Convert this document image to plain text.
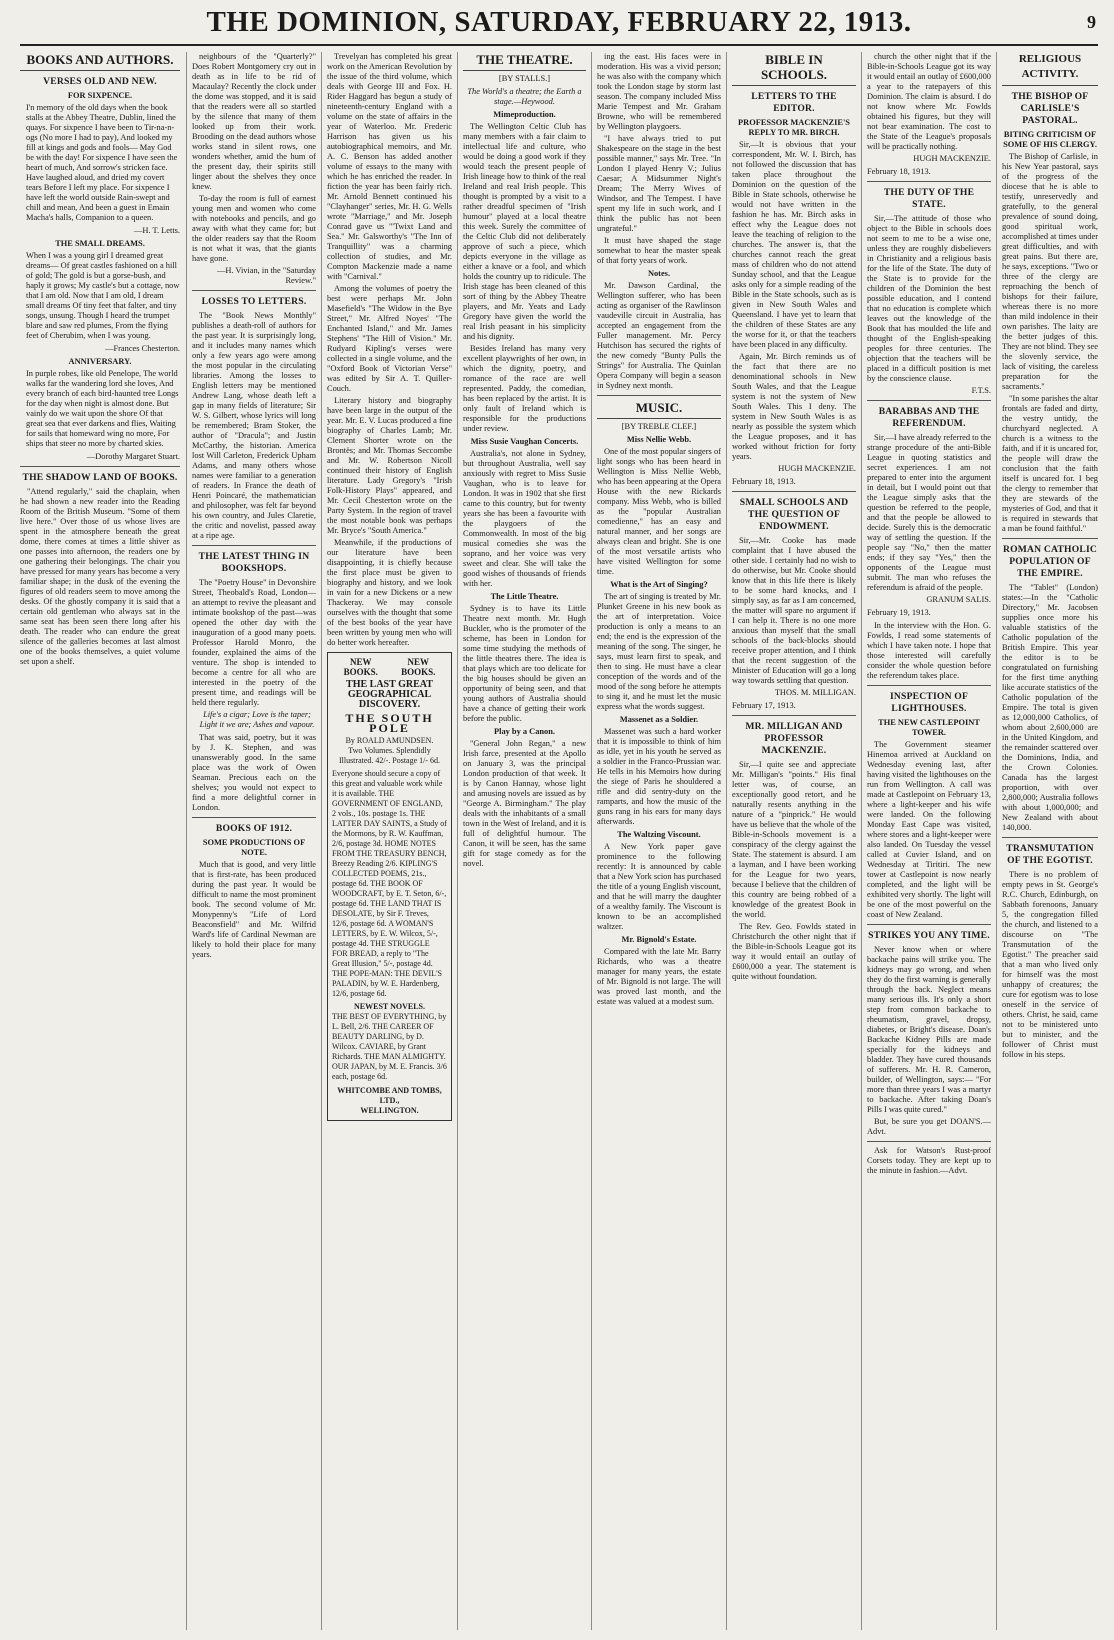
THE DOMINION, SATURDAY, FEBRUARY 22, 1913.	9
BOOKS AND AUTHORS.
VERSES OLD AND NEW.
FOR SIXPENCE.
I'n memory of the old days when the book stalls at the Abbey Theatre, Dublin, lined the quays. For sixpence I have been to Tir-na-n-ogs (No more I had to pay), And looked my fill at kings and gods and fools— May God be with the day! For sixpence I have seen the heart of much, And sorrow's stricken face. Have laughed aloud, and dried my covert tears Before I left my place. For sixpence I have left the world outside Rain-swept and chill and mean, And been a guest in Emain Macha's halls, Companion to a queen.
—H. T. Letts.
THE SMALL DREAMS.
When I was a young girl I dreamed great dreams— Of great castles fashioned on a hill of gold; The gold is but a gorse-bush, and haply it grows; My castle's but a cottage, now that I am old. Now that I am old, I dream small dreams Of tiny feet that falter, and tiny songs, unsung. Though I heard the trumpet blare and saw red plumes, From the flying feet of Cherubim, when I was young.
—Frances Chesterton.
ANNIVERSARY.
In purple robes, like old Penelope, The world walks far the wandering lord she loves, And every branch of each bird-haunted tree Longs for the day when night is almost done. But vainly do we wait upon the shore Of that great sea that ever darkens and flies, Waiting for sails that homeward wing no more, For ships that steer no more by charted skies.
—Dorothy Margaret Stuart.
THE SHADOW LAND OF BOOKS.

"Attend regularly," said the chaplain, when he had shown a new reader into the Reading Room of the British Museum. "Some of them live here." Over those of us whose lives are spent in the atmosphere beneath the great dome, there comes at times a little shiver as one passes into afternoon, the readers one by one gathering their belongings. The chair you have pressed for many years has become a very familiar shape; in the dusk of the evening the figures of old readers seem to move among the desks. Of the ghostly company it is said that a certain old gentleman who always sat in the same seat has been seen there long after his death. The reader who can endure the great silence of the galleries becomes at last almost one of the books themselves, a quiet volume set upon a shelf.

neighbours of the "Quarterly?" Does Robert Montgomery cry out in death as in life to be rid of Macaulay? Recently the clock under the dome was stopped, and it is said that the readers were all so startled by the silence that many of them looked up from their work. Brooding on the dead authors whose works stand in silent rows, one wonders whether, amid the hum of the present day, their spirits still linger about the shelves they once knew.

To-day the room is full of earnest young men and women who come with notebooks and pencils, and go away with what they came for; but the older readers say that the Room is not what it was, that the giants have gone.

—H. Vivian, in the "Saturday Review."
LOSSES TO LETTERS.

The "Book News Monthly" publishes a death-roll of authors for the past year. It is surprisingly long, and it includes many names which only a few years ago were among the most popular in the circulating libraries. Among the losses to English letters may be mentioned Andrew Lang, whose death left a gap in many fields of literature; Sir W. S. Gilbert, whose lyrics will long be remembered; Bram Stoker, the author of "Dracula"; and Justin McCarthy, the historian. America lost Will Carleton, Frederick Upham Adams, and many others whose names were familiar to a generation of readers. In France the death of Henri Poincaré, the mathematician and philosopher, was felt far beyond his own country, and Jules Claretie, the critic and novelist, passed away at a ripe age.

THE LATEST THING IN BOOKSHOPS.

The "Poetry House" in Devonshire Street, Theobald's Road, London—an attempt to revive the pleasant and intimate bookshop of the past—was opened the other day with the inauguration of a good many poets. Professor Harold Monro, the founder, explained the aims of the venture. The shop is intended to become a centre for all who are interested in the poetry of the present time, and readings will be held there regularly.

Life's a cigar; Love is the taper; Light it we are; Ashes and vapour.

That was said, poetry, but it was by J. K. Stephen, and was unanswerably good. In the same place was the work of Owen Seaman. Precious each on the shelves; you would not expect to find a more delightful corner in London.

BOOKS OF 1912.
SOME PRODUCTIONS OF NOTE.

Much that is good, and very little that is first-rate, has been produced during the past year. It would be difficult to name the most prominent book. The second volume of Mr. Monypenny's "Life of Lord Beaconsfield" and Mr. Wilfrid Ward's life of Cardinal Newman are likely to hold their place for many years.

Trevelyan has completed his great work on the American Revolution by the issue of the third volume, which deals with George III and Fox. H. Rider Haggard has begun a study of nineteenth-century England with a volume on the state of affairs in the year of Waterloo. Mr. Frederic Harrison has given us his autobiographical memoirs, and Mr. A. C. Benson has added another volume of essays to the many with which he has enriched the reader. In fiction the year has been fairly rich. Mr. Arnold Bennett continued his "Clayhanger" series, Mr. H. G. Wells wrote "Marriage," and Mr. Joseph Conrad gave us "'Twixt Land and Sea." Mr. Galsworthy's "The Inn of Tranquillity" was a charming collection of studies, and Mr. Compton Mackenzie made a name with "Carnival."

Among the volumes of poetry the best were perhaps Mr. John Masefield's "The Widow in the Bye Street," Mr. Alfred Noyes' "The Enchanted Island," and Mr. James Stephens' "The Hill of Vision." Mr. Rudyard Kipling's verses were collected in a single volume, and the "Oxford Book of Victorian Verse" was edited by Sir A. T. Quiller-Couch.

Literary history and biography have been large in the output of the year. Mr. E. V. Lucas produced a fine biography of Charles Lamb; Mr. Clement Shorter wrote on the Brontës; and Mr. Thomas Seccombe and Mr. W. Robertson Nicoll continued their history of English literature. Lady Gregory's "Irish Folk-History Plays" appeared, and Mr. Cecil Chesterton wrote on the Party System. In the region of travel the most notable book was perhaps Mr. Bryce's "South America."

Meanwhile, if the productions of our literature have been disappointing, it is chiefly because the first place must be given to biography and history, and we look in vain for a new Dickens or a new Thackeray. We may console ourselves with the thought that some of the best books of the year have been written by young men who will do better work hereafter.

NEW BOOKS.
NEW BOOKS.
THE LAST GREAT GEOGRAPHICAL DISCOVERY.
THE SOUTH POLE
By ROALD AMUNDSEN.
Two Volumes. Splendidly Illustrated. 42/-. Postage 1/- 6d.
Everyone should secure a copy of this great and valuable work while it is available. THE GOVERNMENT OF ENGLAND, 2 vols., 10s. postage 1s. THE LATTER DAY SAINTS, a Study of the Mormons, by R. W. Kauffman, 2/6, postage 3d. HOME NOTES FROM THE TREASURY BENCH, Breezy Reading 2/6. KIPLING'S COLLECTED POEMS, 21s., postage 6d. THE BOOK OF WOODCRAFT, by E. T. Seton, 6/-, postage 6d. THE LAND THAT IS DESOLATE, by Sir F. Treves, 12/6, postage 6d. A WOMAN'S LETTERS, by E. W. Wilcox, 5/-, postage 4d. THE STRUGGLE FOR BREAD, a reply to "The Great Illusion," 5/-, postage 4d. THE POPE-MAN: THE DEVIL'S PALADIN, by W. E. Hardenberg, 12/6, postage 6d.
NEWEST NOVELS.
THE BEST OF EVERYTHING, by L. Bell, 2/6. THE CAREER OF BEAUTY DARLING, by D. Wilcox. CAVIARE, by Grant Richards. THE MAN ALMIGHTY. OUR JAPAN, by M. E. Francis. 3/6 each, postage 6d.
WHITCOMBE AND TOMBS, LTD.,
WELLINGTON.
THE THEATRE.
[BY STALLS.]
The World's a theatre; the Earth a stage.—Heywood.
Mimeproduction.

The Wellington Celtic Club has many members with a fair claim to intellectual life and culture, who would be doing a good work if they would teach the present people of Irish lineage how to think of the real Ireland and real Irish people. This thought is prompted by a visit to a rather dreadful specimen of "Irish humour" played at a local theatre this week. Surely the committee of the Celtic Club did not deliberately approve of such a piece, which depicts everyone in the village as either a knave or a fool, and which holds the country up to ridicule. The Irish stage has been cleaned of this sort of thing by the Abbey Theatre players, and Mr. Yeats and Lady Gregory have given the world the real Irish peasant in his simplicity and his dignity.

Besides Ireland has many very excellent playwrights of her own, in which the dignity, poetry, and romance of the race are well represented. Paddy, the comedian, has been replaced by the artist. It is only fault of Ireland which is responsible for the productions under review.

Miss Susie Vaughan Concerts.

Australia's, not alone in Sydney, but throughout Australia, well say anxiously with regret to Miss Susie Vaughan, who is to leave for London. It was in 1902 that she first came to this country, but for twenty years she has been a favourite with the playgoers of the Commonwealth. In most of the big musical comedies she was the soprano, and her voice was very sweet and clear. She will take the good wishes of thousands of friends with her.

The Little Theatre.

Sydney is to have its Little Theatre next month. Mr. Hugh Buckler, who is the promoter of the scheme, has been in London for some time studying the methods of the little theatres there. The idea is that plays which are too delicate for the big houses should be given an opportunity of being seen, and that young authors of Australia should have a chance of getting their work before the public.

Play by a Canon.

"General John Regan," a new Irish farce, presented at the Apollo on January 3, was the principal London production of that week. It is by Canon Hannay, whose light and amusing novels are issued as by "George A. Birmingham." The play deals with the inhabitants of a small town in the West of Ireland, and it is full of delightful humour. The Canon, it will be seen, has the same gift for stage comedy as for the novel.

ing the east. His faces were in moderation. His was a vivid person; he was also with the company which took the London stage by storm last season. The company included Miss Marie Tempest and Mr. Graham Browne, who will be remembered by Wellington playgoers.

"I have always tried to put Shakespeare on the stage in the best possible manner," says Mr. Tree. "In London I played Henry V.; Julius Caesar; A Midsummer Night's Dream; The Merry Wives of Windsor, and The Tempest. I have spent my life in such work, and I think the public has not been ungrateful."

It must have shaped the stage somewhat to hear the master speak of that forty years of work.

Notes.

Mr. Dawson Cardinal, the Wellington sufferer, who has been acting as organiser of the Rawlinson vaudeville circuit in Australia, has accepted an engagement from the Fuller management. Mr. Percy Hutchison has secured the rights of the new comedy "Bunty Pulls the Strings" for Australia. The Quinlan Opera Company will begin a season in Sydney next month.

MUSIC.
[BY TREBLE CLEF.]
Miss Nellie Webb.

One of the most popular singers of light songs who has been heard in Wellington is Miss Nellie Webb, who has been appearing at the Opera House with the new Rickards company. Miss Webb, who is billed as the "popular Australian comedienne," has an easy and natural manner, and her songs are always clean and bright. She is one of the most versatile artists who have visited Wellington for some time.

What is the Art of Singing?

The art of singing is treated by Mr. Plunket Greene in his new book as the art of interpretation. Voice production is only a means to an end; the end is the expression of the meaning of the song. The singer, he says, must learn first to speak, and then to sing. He must have a clear conception of the words and of the mood of the song before he attempts to sing it, and he must let the music express what the words suggest.

Massenet as a Soldier.

Massenet was such a hard worker that it is impossible to think of him as idle, yet in his youth he served as a soldier in the Franco-Prussian war. He tells in his Memoirs how during the siege of Paris he shouldered a rifle and did sentry-duty on the ramparts, and how the music of the guns rang in his ears for many days afterwards.

The Waltzing Viscount.

A New York paper gave prominence to the following recently: It is announced by cable that a New York scion has purchased the title of a young English viscount, and that he will marry the daughter of a wealthy family. The Viscount is known to be an accomplished waltzer.

Mr. Bignold's Estate.

Compared with the late Mr. Barry Richards, who was a theatre manager for many years, the estate of Mr. Bignold is not large. The will was proved last month, and the estate was valued at a modest sum.

BIBLE IN SCHOOLS.
LETTERS TO THE EDITOR.
PROFESSOR MACKENZIE'S REPLY TO MR. BIRCH.

Sir,—It is obvious that your correspondent, Mr. W. I. Birch, has not followed the discussion that has taken place throughout the Dominion on the question of the Bible in State schools, otherwise he would not have written in the fashion he has. Mr. Birch asks in effect why the League does not leave the teaching of religion to the churches. The answer is, that the churches cannot reach the great mass of children who do not attend Sunday school, and that the League asks only for a simple reading of the Bible in the State schools, such as is given in New South Wales and Queensland. I have yet to learn that the children of these States are any the worse for it, or that the teachers have been placed in any difficulty.

Again, Mr. Birch reminds us of the fact that there are no denominational schools in New South Wales, and that the League system is not the system of New South Wales. This I deny. The system in New South Wales is as nearly as possible the system which the League proposes, and it has worked without friction for forty years.

HUGH MACKENZIE.
February 18, 1913.
SMALL SCHOOLS AND THE QUESTION OF ENDOWMENT.

Sir,—Mr. Cooke has made complaint that I have abused the other side. I certainly had no wish to do otherwise, but Mr. Cooke should know that in this life there is likely to be some hard knocks, and I simply say, as far as I am concerned, the matter will spare no argument if I can help it. There is no one more anxious than myself that the small schools of the back-blocks should receive proper attention, and I think that the recent suggestion of the Minister of Education will go a long way towards settling that question.

THOS. M. MILLIGAN.
February 17, 1913.
MR. MILLIGAN AND PROFESSOR MACKENZIE.

Sir,—I quite see and appreciate Mr. Milligan's "points." His final letter was, of course, an exceptionally good retort, and he naturally resents anything in the nature of a "pinprick." He would have us believe that the whole of the Bible-in-Schools movement is a conspiracy of the clergy against the State. The statement is absurd. I am a layman, and I have been working for the League for two years, because I believe that the children of this country are being robbed of a knowledge of the greatest Book in the world.

The Rev. Geo. Fowlds stated in Christchurch the other night that if the Bible-in-Schools League got its way it would entail an outlay of £600,000 a year. The statement is quite without foundation.

church the other night that if the Bible-in-Schools League got its way it would entail an outlay of £600,000 a year to the ratepayers of this Dominion. The claim is absurd. I do not know where Mr. Fowlds obtained his figures, but they will not bear examination. The cost to the State of the League's proposals will be practically nothing.

HUGH MACKENZIE.
February 18, 1913.
THE DUTY OF THE STATE.

Sir,—The attitude of those who object to the Bible in schools does not seem to me to be a wise one, unless they are roughly disbelievers in Christianity and a religious basis for the life of the State. The duty of the State is to provide for the children of the Dominion the best possible education, and I contend that no education is complete which leaves out the knowledge of the Book that has moulded the life and thought of the English-speaking peoples for three centuries. The objection that the teachers will be placed in a difficult position is met by the conscience clause.

F.T.S.
BARABBAS AND THE REFERENDUM.

Sir,—I have already referred to the strange procedure of the anti-Bible League in quoting statistics and secret experiences. I am not prepared to enter into the argument in detail, but I would point out that the League simply asks that the question be referred to the people, and that the people be allowed to decide. Surely this is the democratic way of settling the question. If the people say "No," then the matter ends; if they say "Yes," then the opponents of the League must submit. The man who refuses the referendum is afraid of the people.

GRANUM SALIS.
February 19, 1913.

In the interview with the Hon. G. Fowlds, I read some statements of which I have taken note. I hope that those interested will carefully consider the whole question before the referendum takes place.

INSPECTION OF LIGHTHOUSES.
THE NEW CASTLEPOINT TOWER.

The Government steamer Hinemoa arrived at Auckland on Wednesday evening last, after having visited the lighthouses on the run from Wellington. A call was made at Castlepoint on February 13, where a light-keeper and his wife were landed. On the following Monday East Cape was visited, where stores and a light-keeper were also landed. On Tuesday the vessel called at Cuvier Island, and on Wednesday at Tiritiri. The new tower at Castlepoint is now nearly completed, and the light will be exhibited very shortly. The light will be one of the most powerful on the coast of New Zealand.

STRIKES YOU ANY TIME.

Never know when or where backache pains will strike you. The kidneys may go wrong, and when they do the first warning is generally through the back. Neglect means many serious ills. It's only a short step from common backache to rheumatism, gravel, dropsy, diabetes, or Bright's disease. Doan's Backache Kidney Pills are made specially for the kidneys and bladder. They have cured thousands of sufferers. Mr. H. R. Cameron, builder, of Wellington, says:— "For more than three years I was a martyr to backache. After taking Doan's Pills I was quite cured."

But, be sure you get DOAN'S.—Advt.

Ask for Watson's Rust-proof Corsets today. They are kept up to the minute in fashion.—Advt.

RELIGIOUS ACTIVITY.
THE BISHOP OF CARLISLE'S PASTORAL.
BITING CRITICISM OF SOME OF HIS CLERGY.

The Bishop of Carlisle, in his New Year pastoral, says of the progress of the diocese that he is able to testify, unreservedly and gratefully, to the general prevalence of sound doing, good spiritual work, accomplished at times under great difficulties, and with great pains. But there are, he says, exceptions. "Two or three of the clergy are reproaching the bench of bishops for their failure, whereas there is no more than mild indolence in their own parishes. The laity are the better judges of this. They are not blind. They see the slovenly service, the lack of visiting, the careless preparation for the sacraments."

"In some parishes the altar frontals are faded and dirty, the vestry untidy, the churchyard neglected. A church is a witness to the faith, and if it is uncared for, the people will draw the conclusion that the faith itself is uncared for. I beg the clergy to remember that they are stewards of the mysteries of God, and that it is required in stewards that a man be found faithful."

ROMAN CATHOLIC POPULATION OF THE EMPIRE.

The "Tablet" (London) states:—In the "Catholic Directory," Mr. Jacobsen supplies once more his valuable statistics of the Catholic population of the British Empire. This year the editor is to be congratulated on furnishing for the first time anything like accurate statistics of the Catholic population of the Empire. The total is given as 12,000,000 Catholics, of whom about 2,600,000 are in the United Kingdom, and the remainder scattered over the Dominions, India, and the Crown Colonies. Canada has the largest proportion, with over 2,800,000; Australia follows with about 1,000,000; and New Zealand with about 140,000.

TRANSMUTATION OF THE EGOTIST.

There is no problem of empty pews in St. George's R.C. Church, Edinburgh, on Sabbath forenoons, January 5, the congregation filled the church, and listened to a discourse on "The Transmutation of the Egotist." The preacher said that a man who lived only for himself was the most unhappy of creatures; the cure for egotism was to lose oneself in the service of others. Christ, he said, came not to be ministered unto but to minister, and the follower of Christ must follow in his steps.
